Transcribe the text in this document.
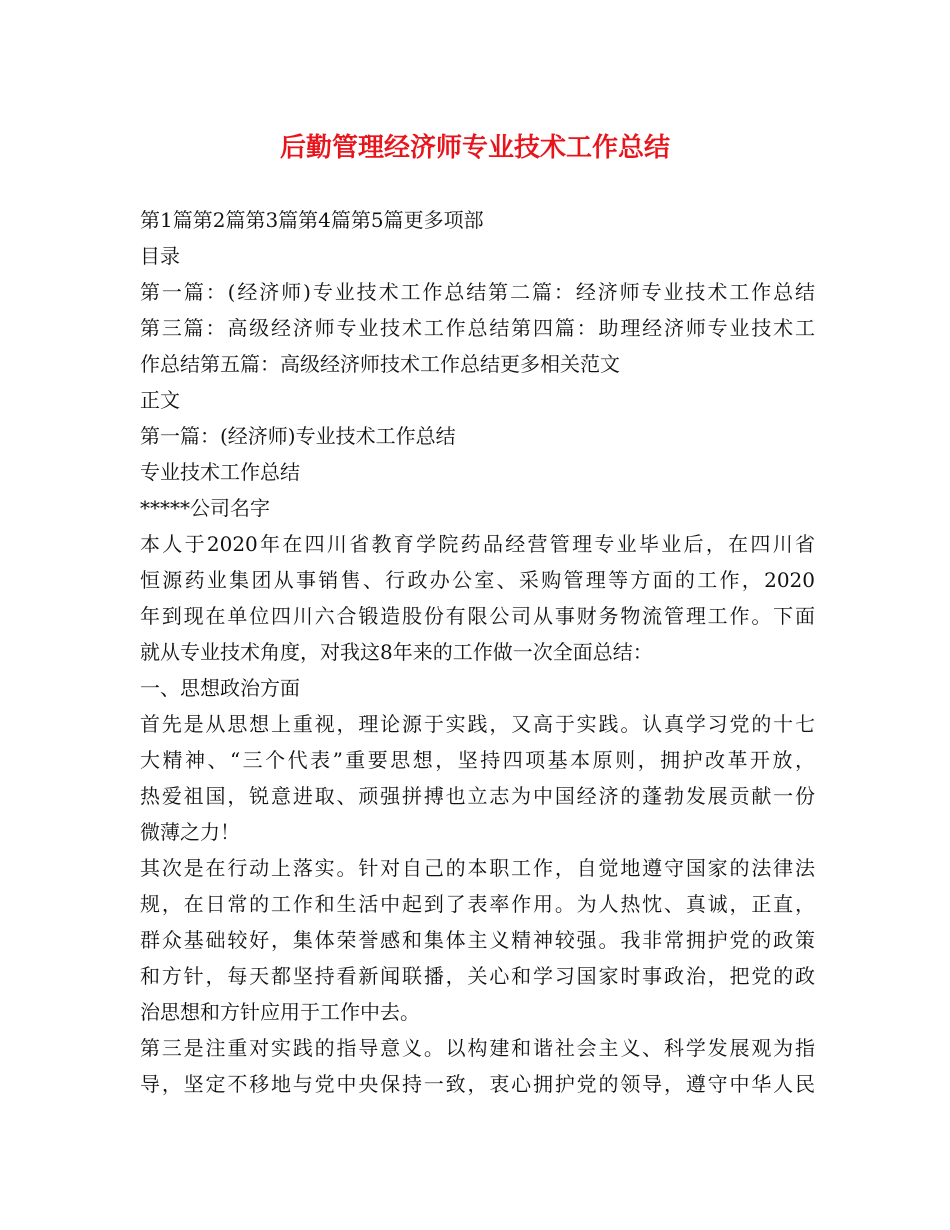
后勤管理经济师专业技术工作总结
第1篇第2篇第3篇第4篇第5篇更多项部
目录
第一篇：(经济师)专业技术工作总结第二篇：经济师专业技术工作总结
第三篇：高级经济师专业技术工作总结第四篇：助理经济师专业技术工
作总结第五篇：高级经济师技术工作总结更多相关范文
正文
第一篇：(经济师)专业技术工作总结
专业技术工作总结
*****公司名字
本人于2020年在四川省教育学院药品经营管理专业毕业后，在四川省
恒源药业集团从事销售、行政办公室、采购管理等方面的工作，2020
年到现在单位四川六合锻造股份有限公司从事财务物流管理工作。下面
就从专业技术角度，对我这8年来的工作做一次全面总结：
一、思想政治方面
首先是从思想上重视，理论源于实践，又高于实践。认真学习党的十七
大精神、“三个代表”重要思想，坚持四项基本原则，拥护改革开放，
热爱祖国，锐意进取、顽强拼搏也立志为中国经济的蓬勃发展贡献一份
微薄之力！
其次是在行动上落实。针对自己的本职工作，自觉地遵守国家的法律法
规，在日常的工作和生活中起到了表率作用。为人热忱、真诚，正直，
群众基础较好，集体荣誉感和集体主义精神较强。我非常拥护党的政策
和方针，每天都坚持看新闻联播，关心和学习国家时事政治，把党的政
治思想和方针应用于工作中去。
第三是注重对实践的指导意义。以构建和谐社会主义、科学发展观为指
导，坚定不移地与党中央保持一致，衷心拥护党的领导，遵守中华人民
